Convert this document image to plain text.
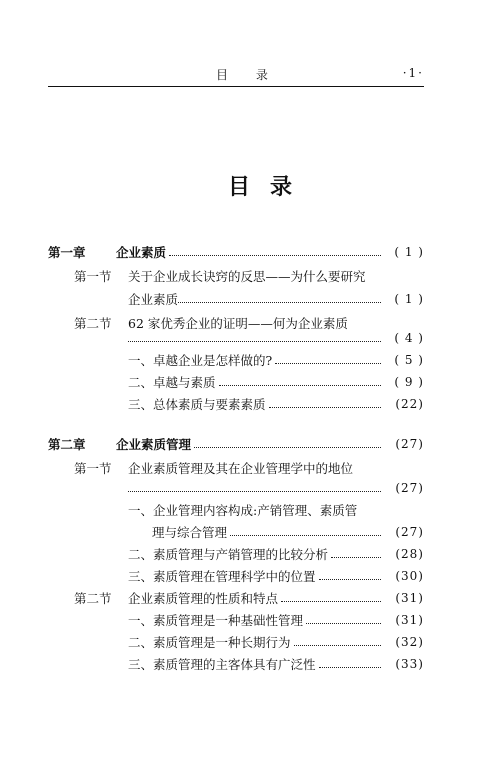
目 录	·1·
目录
第一章	企业素质	( 1 )
第一节	关于企业成长诀窍的反思——为什么要研究
企业素质	( 1 )
第二节	62 家优秀企业的证明——何为企业素质
( 4 )
一、卓越企业是怎样做的?	( 5 )
二、卓越与素质	( 9 )
三、总体素质与要素素质	(22)
第二章	企业素质管理	(27)
第一节	企业素质管理及其在企业管理学中的地位
(27)
一、企业管理内容构成:产销管理、素质管
理与综合管理	(27)
二、素质管理与产销管理的比较分析	(28)
三、素质管理在管理科学中的位置	(30)
第二节	企业素质管理的性质和特点	(31)
一、素质管理是一种基础性管理	(31)
二、素质管理是一种长期行为	(32)
三、素质管理的主客体具有广泛性	(33)
